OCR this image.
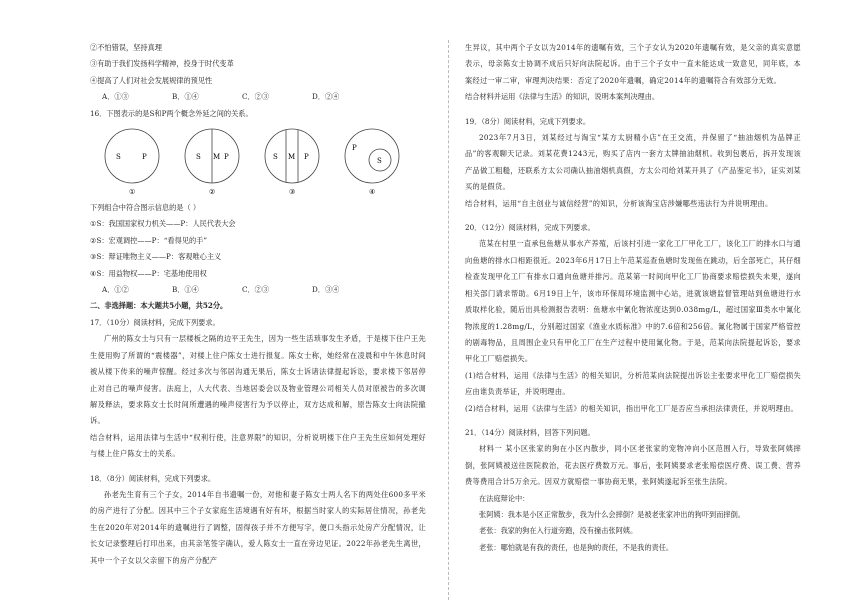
②不怕错误，坚持真理
③有助于我们发扬科学精神，投身于时代变革
④提高了人们对社会发展规律的预见性
A．①③	B．①④	C．②③	D．②④
16．下图表示的是S和P两个概念外延之间的关系。
S	P
①
S M P
②
S M P
③
P
S
④
下列组合中符合图示信息的是（ ）
①S：我国国家权力机关——P：人民代表大会
②S：宏观调控——P：“看得见的手”
③S：辩证唯物主义——P：客观唯心主义
④S：用益物权——P：宅基地使用权
A．①②	B．①④	C．②③	D．③④
二、非选择题：本大题共5小题，共52分。
17．（10分）阅读材料，完成下列要求。
广州的陈女士与只有一层楼板之隔的边平王先生，因为一些生活琐事发生矛盾，于是楼下住户王先生使用购了所谓的“震楼器”，对楼上住户陈女士进行报复。陈女士称，她经常在凌晨和中午休息时间被从楼下传来的噪声惊醒。经过多次与邻居沟通无果后，陈女士诉诸法律提起诉讼，要求楼下邻居停止对自己的噪声侵害。法庭上，人大代表、当地居委会以及物业管理公司相关人员对原被告的多次调解及释法，要求陈女士长时间所遭遇的噪声侵害行为予以停止，双方达成和解，原告陈女士向法院撤诉。
结合材料，运用法律与生活中“权利行使，注意界限”的知识，分析说明楼下住户王先生应如何处理好与楼上住户陈女士的关系。
18．（8分）阅读材料，完成下列要求。
孙老先生育有三个子女，2014年自书遗嘱一份，对他和妻子陈女士两人名下的两处住600多平米的房产进行了分配。因其中三个子女家庭生活境遇有好有坏，根据当时家人的实际居住情况，孙老先生在2020年对2014年的遗嘱进行了调整，固得孩子并不方便写字，便口头指示处房产分配情况，让长女记录整理后打印出来，由其亲笔签字确认，爱人陈女士一直在旁边见证。2022年孙老先生离世，其中一个子女以父亲留下的房产分配产
生异议，其中两个子女以为2014年的遗嘱有效，三个子女认为2020年遗嘱有效，是父亲的真实意愿表示，母亲陈女士协调不成后只好向法院起诉。由于三个子女中一直未能达成一致意见，同年底，本案经过一审二审，审理判决结果：否定了2020年遗嘱，确定2014年的遗嘱符合有效部分无效。
结合材料并运用《法律与生活》的知识，说明本案判决理由。
19．（8分）阅读材料，完成下列要求。
2023年7月3日，刘某经过与淘宝“某方太厨精小店”在王交流，并保留了“抽油烟机为品牌正品”的客观聊天记录。刘某花费1243元，购买了店内一套方太牌抽油烟机。收到包裹后，拆开发现该产品做工粗糙，还联系方太公司确认抽油烟机真假，方太公司给刘某开具了《产品鉴定书》，证实刘某买的是假货。
结合材料，运用“自主创业与诚信经营”的知识，分析该淘宝店涉嫌哪些违法行为并说明理由。
20．（12分）阅读材料，完成下列要求。
范某在村里一直承包鱼塘从事水产养殖，后该村引进一家化工厂甲化工厂，该化工厂的排水口与通向鱼塘的排水口相距很近。2023年6月17日上午范某巡查鱼塘时发现鱼在跳动，后全部死亡，其仔细检查发现甲化工厂有排水口通向鱼塘并排污。范某第一时间向甲化工厂协商要求赔偿损失未果，遂向相关部门请求帮助。6月19日上午，该市环保局环境监测中心站，进就该塘监督管理站到鱼塘进行水质取样化验，随后出具检测报告表明：鱼塘水中氰化物浓度达到0.038mg/L，超过国家Ⅲ类水中氰化物浓度的1.28mg/L，分别超过国家《渔业水质标准》中的7.6倍和256倍。氰化物属于国家严格管控的剧毒物品，且周围企业只有甲化工厂在生产过程中使用氰化物。于是，范某向法院提起诉讼，要求甲化工厂赔偿损失。
(1)结合材料，运用《法律与生活》的相关知识，分析范某向法院提出诉讼主张要求甲化工厂赔偿损失应由谁负责举证，并说明理由。
(2)结合材料，运用《法律与生活》的相关知识，指出甲化工厂是否应当承担法律责任，并说明理由。
21．（14分）阅读材料，回答下列问题。
材料一 某小区张家的狗在小区内散步，同小区老张家的宠物冲向小区范围入行，导致张阿姨摔倒，张阿姨被送往医院救治，花去医疗费数万元。事后，张阿姨要求老张赔偿医疗费、误工费、营养费等费用合计5万余元。因双方就赔偿一事协商无果，张阿姨遂起诉至张生法院。
在法庭辩论中：
张阿姨：我本是小区正常散步，我为什么会摔倒？是被老张家冲出的狗吓到而摔倒。
老张：我家的狗在入行道旁跑，没有撞击张阿姨。
老张：哪怕就是有我的责任，也是狗的责任，不是我的责任。
